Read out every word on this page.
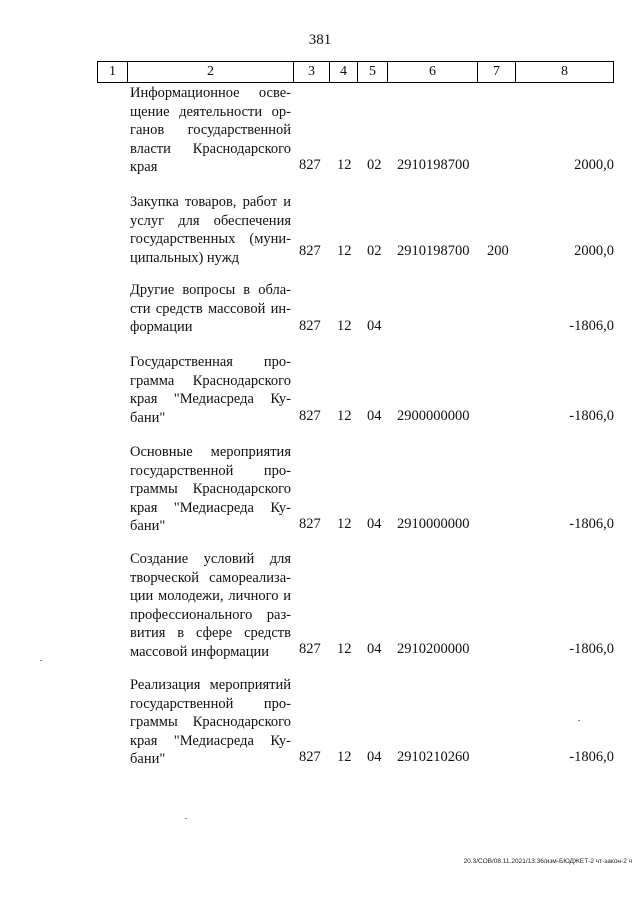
381
1	2	3	4	5	6	7	8
Информационное осве-щение деятельности ор-ганов государственной власти Краснодарского края	827 12 02 2910198700	2000,0
Закупка товаров, работ и услуг для обеспечения государственных (муни-ципальных) нужд	827 12 02 2910198700 200	2000,0
Другие вопросы в обла-сти средств массовой ин-формации	827 12 04	-1806,0
Государственная про-грамма Краснодарского края "Медиасреда Ку-бани"	827 12 04 2900000000	-1806,0
Основные мероприятия государственной про-граммы Краснодарского края "Медиасреда Ку-бани"	827 12 04 2910000000	-1806,0
Создание условий для творческой самореализа-ции молодежи, личного и профессионального раз-вития в сфере средств массовой информации	827 12 04 2910200000	-1806,0
Реализация мероприятий государственной про-граммы Краснодарского края "Медиасреда Ку-бани"	827 12 04 2910210260	-1806,0
20.3/СОВ/08.11.2021/13:36/изм-БЮДЖЕТ-2 чт-закон-2 ч
